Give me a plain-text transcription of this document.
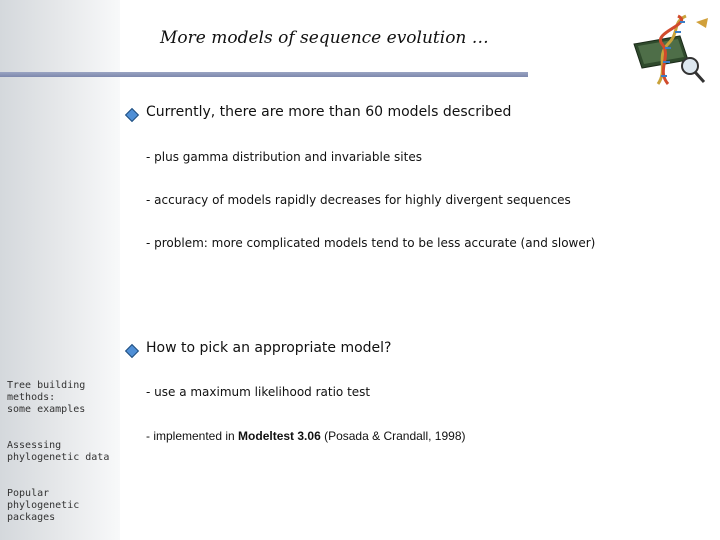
More models of sequence evolution …
Currently, there are more than 60 models described
- plus gamma distribution and invariable sites
- accuracy of models rapidly decreases for highly divergent sequences
- problem: more complicated models tend to be less accurate (and slower)
How to pick an appropriate model?
- use a maximum likelihood ratio test
- implemented in Modeltest 3.06 (Posada & Crandall, 1998)
Tree building
methods:
some examples
Assessing
phylogenetic data
Popular
phylogenetic
packages
